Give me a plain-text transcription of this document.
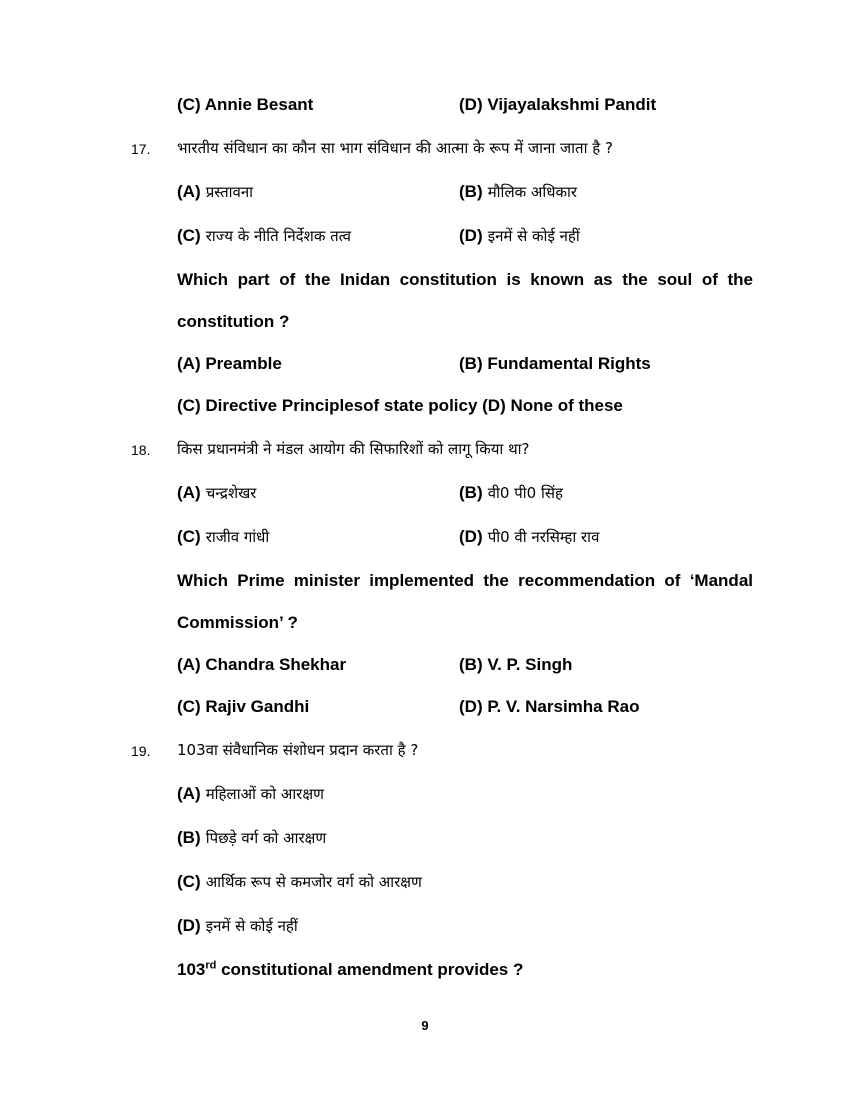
(C) Annie Besant	(D) Vijayalakshmi Pandit
17. भारतीय संविधान का कौन सा भाग संविधान की आत्मा के रूप में जाना जाता है ?
(A) प्रस्तावना	(B) मौलिक अधिकार
(C) राज्य के नीति निर्देशक तत्व	(D) इनमें से कोई नहीं
Which part of the Inidan constitution is known as the soul of the
constitution ?
(A) Preamble	(B) Fundamental Rights
(C) Directive Principlesof state policy (D) None of these
18. किस प्रधानमंत्री ने मंडल आयोग की सिफारिशों को लागू किया था?
(A) चन्द्रशेखर	(B) वी0 पी0 सिंह
(C) राजीव गांधी	(D) पी0 वी नरसिम्हा राव
Which Prime minister implemented the recommendation of ‘Mandal
Commission’ ?
(A) Chandra Shekhar	(B) V. P. Singh
(C) Rajiv Gandhi	(D) P. V. Narsimha Rao
19. 103वा संवैधानिक संशोधन प्रदान करता है ?
(A) महिलाओं को आरक्षण
(B) पिछड़े वर्ग को आरक्षण
(C) आर्थिक रूप से कमजोर वर्ग को आरक्षण
(D) इनमें से कोई नहीं
103rd constitutional amendment provides ?
9
